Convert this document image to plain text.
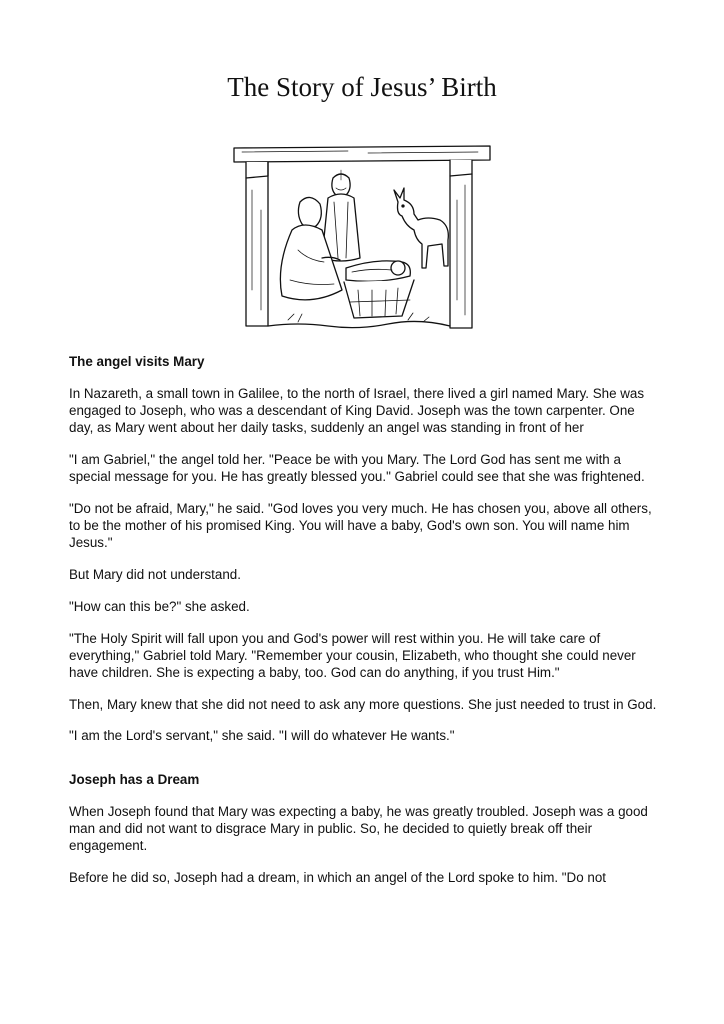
The Story of Jesus’ Birth
The angel visits Mary

In Nazareth, a small town in Galilee, to the north of Israel, there lived a girl named Mary. She was engaged to Joseph, who was a descendant of King David. Joseph was the town carpenter. One day, as Mary went about her daily tasks, suddenly an angel was standing in front of her

"I am Gabriel," the angel told her. "Peace be with you Mary. The Lord God has sent me with a special message for you. He has greatly blessed you." Gabriel could see that she was frightened.

"Do not be afraid, Mary," he said. "God loves you very much. He has chosen you, above all others, to be the mother of his promised King. You will have a baby, God's own son. You will name him Jesus."

But Mary did not understand.

"How can this be?" she asked.

"The Holy Spirit will fall upon you and God's power will rest within you. He will take care of everything," Gabriel told Mary. "Remember your cousin, Elizabeth, who thought she could never have children. She is expecting a baby, too. God can do anything, if you trust Him."

Then, Mary knew that she did not need to ask any more questions. She just needed to trust in God.

"I am the Lord's servant," she said. "I will do whatever He wants."

Joseph has a Dream

When Joseph found that Mary was expecting a baby, he was greatly troubled. Joseph was a good man and did not want to disgrace Mary in public. So, he decided to quietly break off their engagement.

Before he did so, Joseph had a dream, in which an angel of the Lord spoke to him. "Do not
